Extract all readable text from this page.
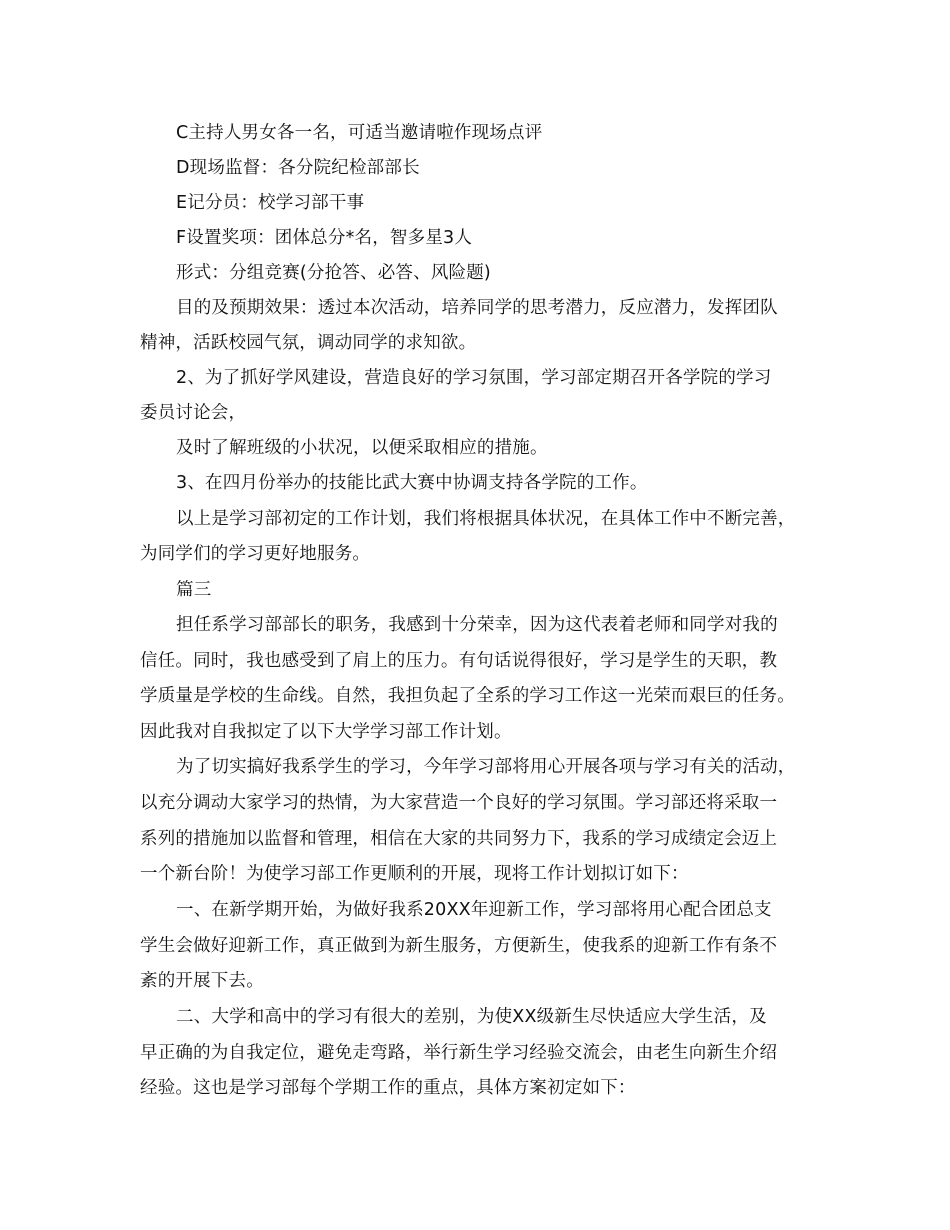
C主持人男女各一名，可适当邀请啦作现场点评
D现场监督：各分院纪检部部长
E记分员：校学习部干事
F设置奖项：团体总分*名，智多星3人
形式：分组竞赛(分抢答、必答、风险题)
目的及预期效果：透过本次活动，培养同学的思考潜力，反应潜力，发挥团队
精神，活跃校园气氛，调动同学的求知欲。
2、为了抓好学风建设，营造良好的学习氛围，学习部定期召开各学院的学习
委员讨论会，
及时了解班级的小状况，以便采取相应的措施。
3、在四月份举办的技能比武大赛中协调支持各学院的工作。
以上是学习部初定的工作计划，我们将根据具体状况，在具体工作中不断完善，
为同学们的学习更好地服务。
篇三
担任系学习部部长的职务，我感到十分荣幸，因为这代表着老师和同学对我的
信任。同时，我也感受到了肩上的压力。有句话说得很好，学习是学生的天职，教
学质量是学校的生命线。自然，我担负起了全系的学习工作这一光荣而艰巨的任务。
因此我对自我拟定了以下大学学习部工作计划。
为了切实搞好我系学生的学习，今年学习部将用心开展各项与学习有关的活动，
以充分调动大家学习的热情，为大家营造一个良好的学习氛围。学习部还将采取一
系列的措施加以监督和管理，相信在大家的共同努力下，我系的学习成绩定会迈上
一个新台阶！为使学习部工作更顺利的开展，现将工作计划拟订如下：
一、在新学期开始，为做好我系20XX年迎新工作，学习部将用心配合团总支
学生会做好迎新工作，真正做到为新生服务，方便新生，使我系的迎新工作有条不
紊的开展下去。
二、大学和高中的学习有很大的差别，为使XX级新生尽快适应大学生活，及
早正确的为自我定位，避免走弯路，举行新生学习经验交流会，由老生向新生介绍
经验。这也是学习部每个学期工作的重点，具体方案初定如下：
